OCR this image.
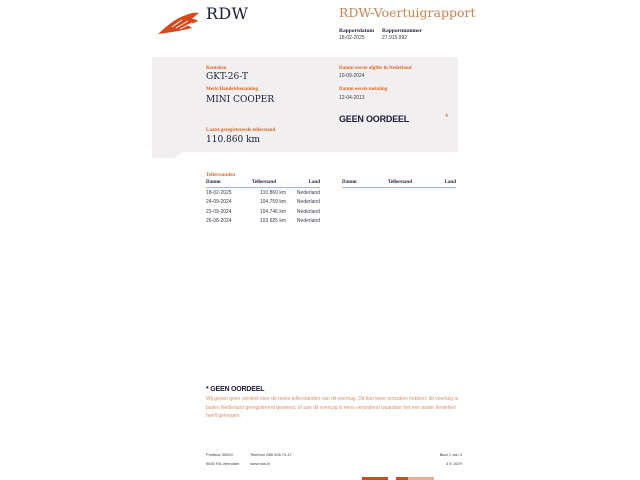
RDW	RDW-Voertuigrapport
Rapportdatum
18-02-2025
Rapportnummer
27.915.992
Kenteken
GKT-26-T
Merk/Handelsbenaming
MINI COOPER
Laatst geregistreerde tellerstand
110.860 km
Datum eerste afgifte in Nederland
10-09-2024
Datum eerste toelating
12-04-2013
GEEN OORDEEL	*
Tellerstanden
Datum	Tellerstand	Land
18-02-2025	110.860 km	Nederland
24-09-2024	104.759 km	Nederland
23-09-2024	104.746 km	Nederland
26-08-2024	103.625 km	Nederland
Datum	Tellerstand	Land
* GEEN OORDEEL
Wij geven geen oordeel over de reeks tellerstanden van dit voertuig. Dit kan twee oorzaken hebben: dit voertuig is buiten Nederland geregistreerd geweest, of aan dit voertuig is eens verandend waardoor het een ander kenteken heeft gekregen.
Postbus 30000
9640 RA Veendam
Telefoon 088 008 74 47
www.rdw.nl
Blad 1 van 3
3 E 1679
